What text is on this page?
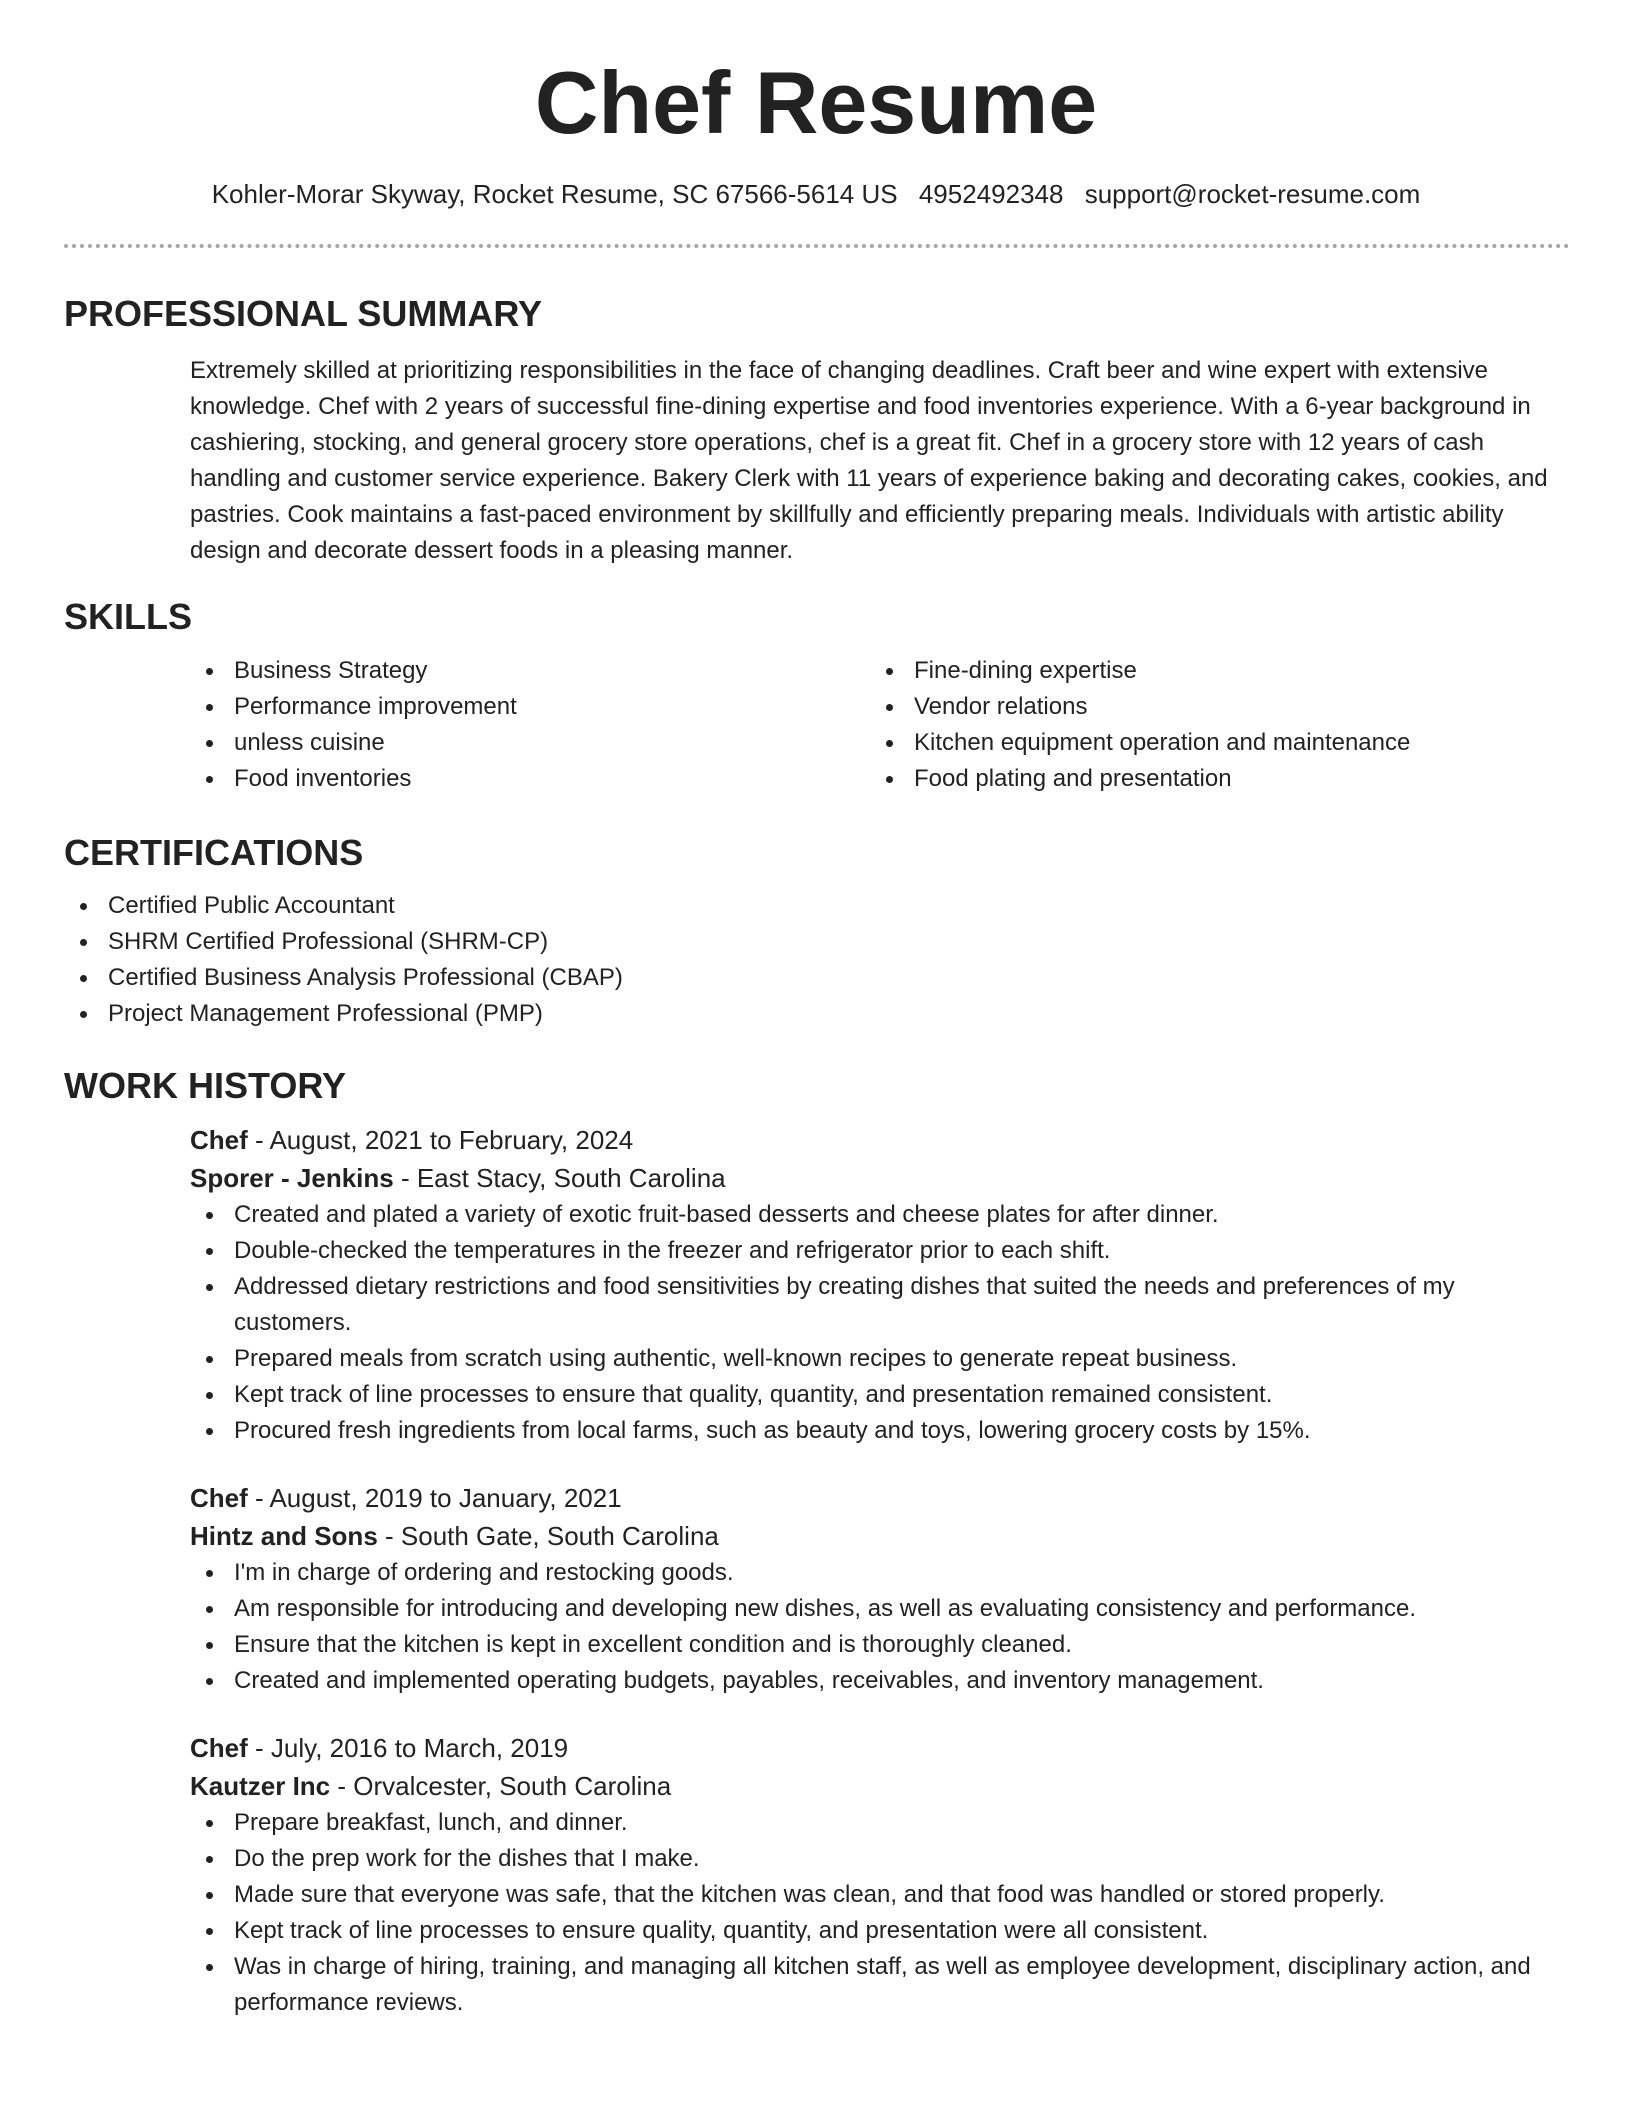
Chef Resume
Kohler-Morar Skyway, Rocket Resume, SC 67566-5614 US 4952492348 support@rocket-resume.com
PROFESSIONAL SUMMARY
Extremely skilled at prioritizing responsibilities in the face of changing deadlines. Craft beer and wine expert with extensive knowledge. Chef with 2 years of successful fine-dining expertise and food inventories experience. With a 6-year background in cashiering, stocking, and general grocery store operations, chef is a great fit. Chef in a grocery store with 12 years of cash handling and customer service experience. Bakery Clerk with 11 years of experience baking and decorating cakes, cookies, and pastries. Cook maintains a fast-paced environment by skillfully and efficiently preparing meals. Individuals with artistic ability design and decorate dessert foods in a pleasing manner.
SKILLS
Business Strategy
Performance improvement
unless cuisine
Food inventories
Fine-dining expertise
Vendor relations
Kitchen equipment operation and maintenance
Food plating and presentation
CERTIFICATIONS
Certified Public Accountant
SHRM Certified Professional (SHRM-CP)
Certified Business Analysis Professional (CBAP)
Project Management Professional (PMP)
WORK HISTORY
Chef - August, 2021 to February, 2024
Sporer - Jenkins - East Stacy, South Carolina
Created and plated a variety of exotic fruit-based desserts and cheese plates for after dinner.
Double-checked the temperatures in the freezer and refrigerator prior to each shift.
Addressed dietary restrictions and food sensitivities by creating dishes that suited the needs and preferences of my customers.
Prepared meals from scratch using authentic, well-known recipes to generate repeat business.
Kept track of line processes to ensure that quality, quantity, and presentation remained consistent.
Procured fresh ingredients from local farms, such as beauty and toys, lowering grocery costs by 15%.
Chef - August, 2019 to January, 2021
Hintz and Sons - South Gate, South Carolina
I'm in charge of ordering and restocking goods.
Am responsible for introducing and developing new dishes, as well as evaluating consistency and performance.
Ensure that the kitchen is kept in excellent condition and is thoroughly cleaned.
Created and implemented operating budgets, payables, receivables, and inventory management.
Chef - July, 2016 to March, 2019
Kautzer Inc - Orvalcester, South Carolina
Prepare breakfast, lunch, and dinner.
Do the prep work for the dishes that I make.
Made sure that everyone was safe, that the kitchen was clean, and that food was handled or stored properly.
Kept track of line processes to ensure quality, quantity, and presentation were all consistent.
Was in charge of hiring, training, and managing all kitchen staff, as well as employee development, disciplinary action, and performance reviews.
